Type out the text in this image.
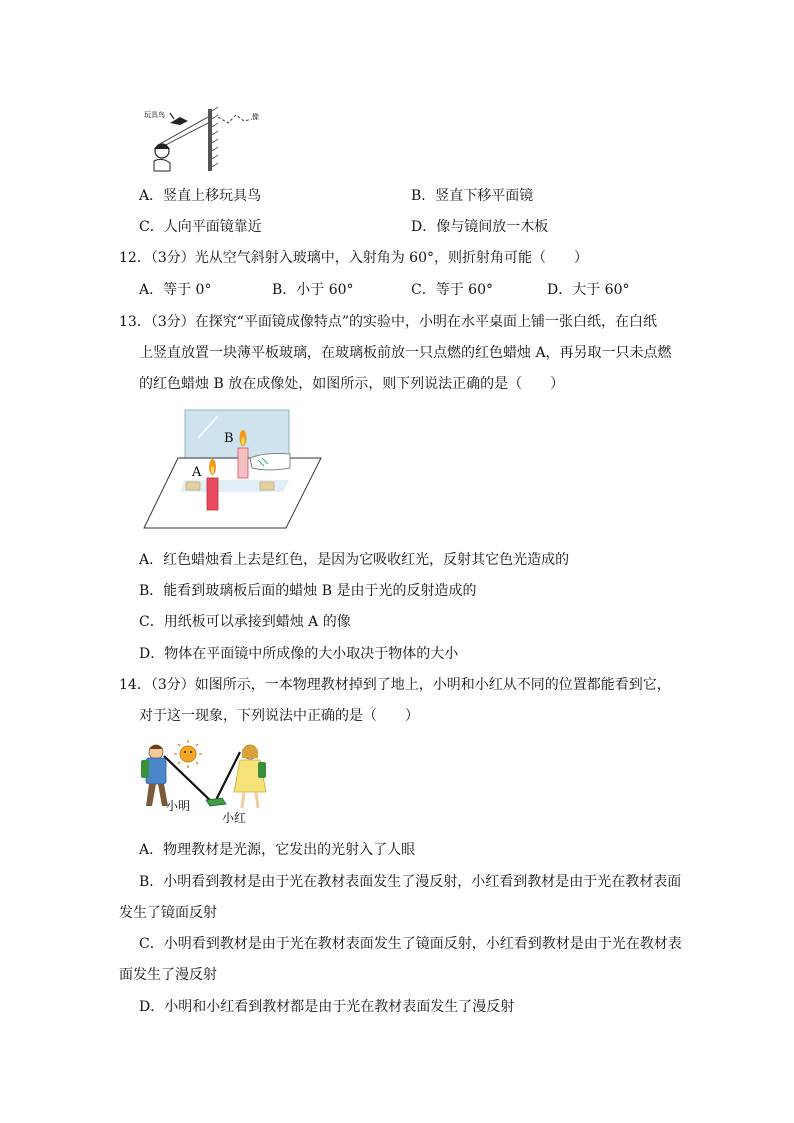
玩具鸟	像
A．竖直上移玩具鸟	B．竖直下移平面镜
C．人向平面镜靠近	D．像与镜间放一木板
12．（3分）光从空气斜射入玻璃中，入射角为 60°，则折射角可能（　　）
A．等于 0°	B．小于 60°	C．等于 60°	D．大于 60°
13．（3分）在探究“平面镜成像特点”的实验中，小明在水平桌面上铺一张白纸，在白纸
上竖直放置一块薄平板玻璃，在玻璃板前放一只点燃的红色蜡烛 A，再另取一只未点燃
的红色蜡烛 B 放在成像处，如图所示，则下列说法正确的是（　　）
B
A
A．红色蜡烛看上去是红色，是因为它吸收红光，反射其它色光造成的
B．能看到玻璃板后面的蜡烛 B 是由于光的反射造成的
C．用纸板可以承接到蜡烛 A 的像
D．物体在平面镜中所成像的大小取决于物体的大小
14．（3分）如图所示，一本物理教材掉到了地上，小明和小红从不同的位置都能看到它，
对于这一现象，下列说法中正确的是（　　）
小明
小红
A．物理教材是光源，它发出的光射入了人眼
B．小明看到教材是由于光在教材表面发生了漫反射，小红看到教材是由于光在教材表面
发生了镜面反射
C．小明看到教材是由于光在教材表面发生了镜面反射，小红看到教材是由于光在教材表
面发生了漫反射
D．小明和小红看到教材都是由于光在教材表面发生了漫反射
